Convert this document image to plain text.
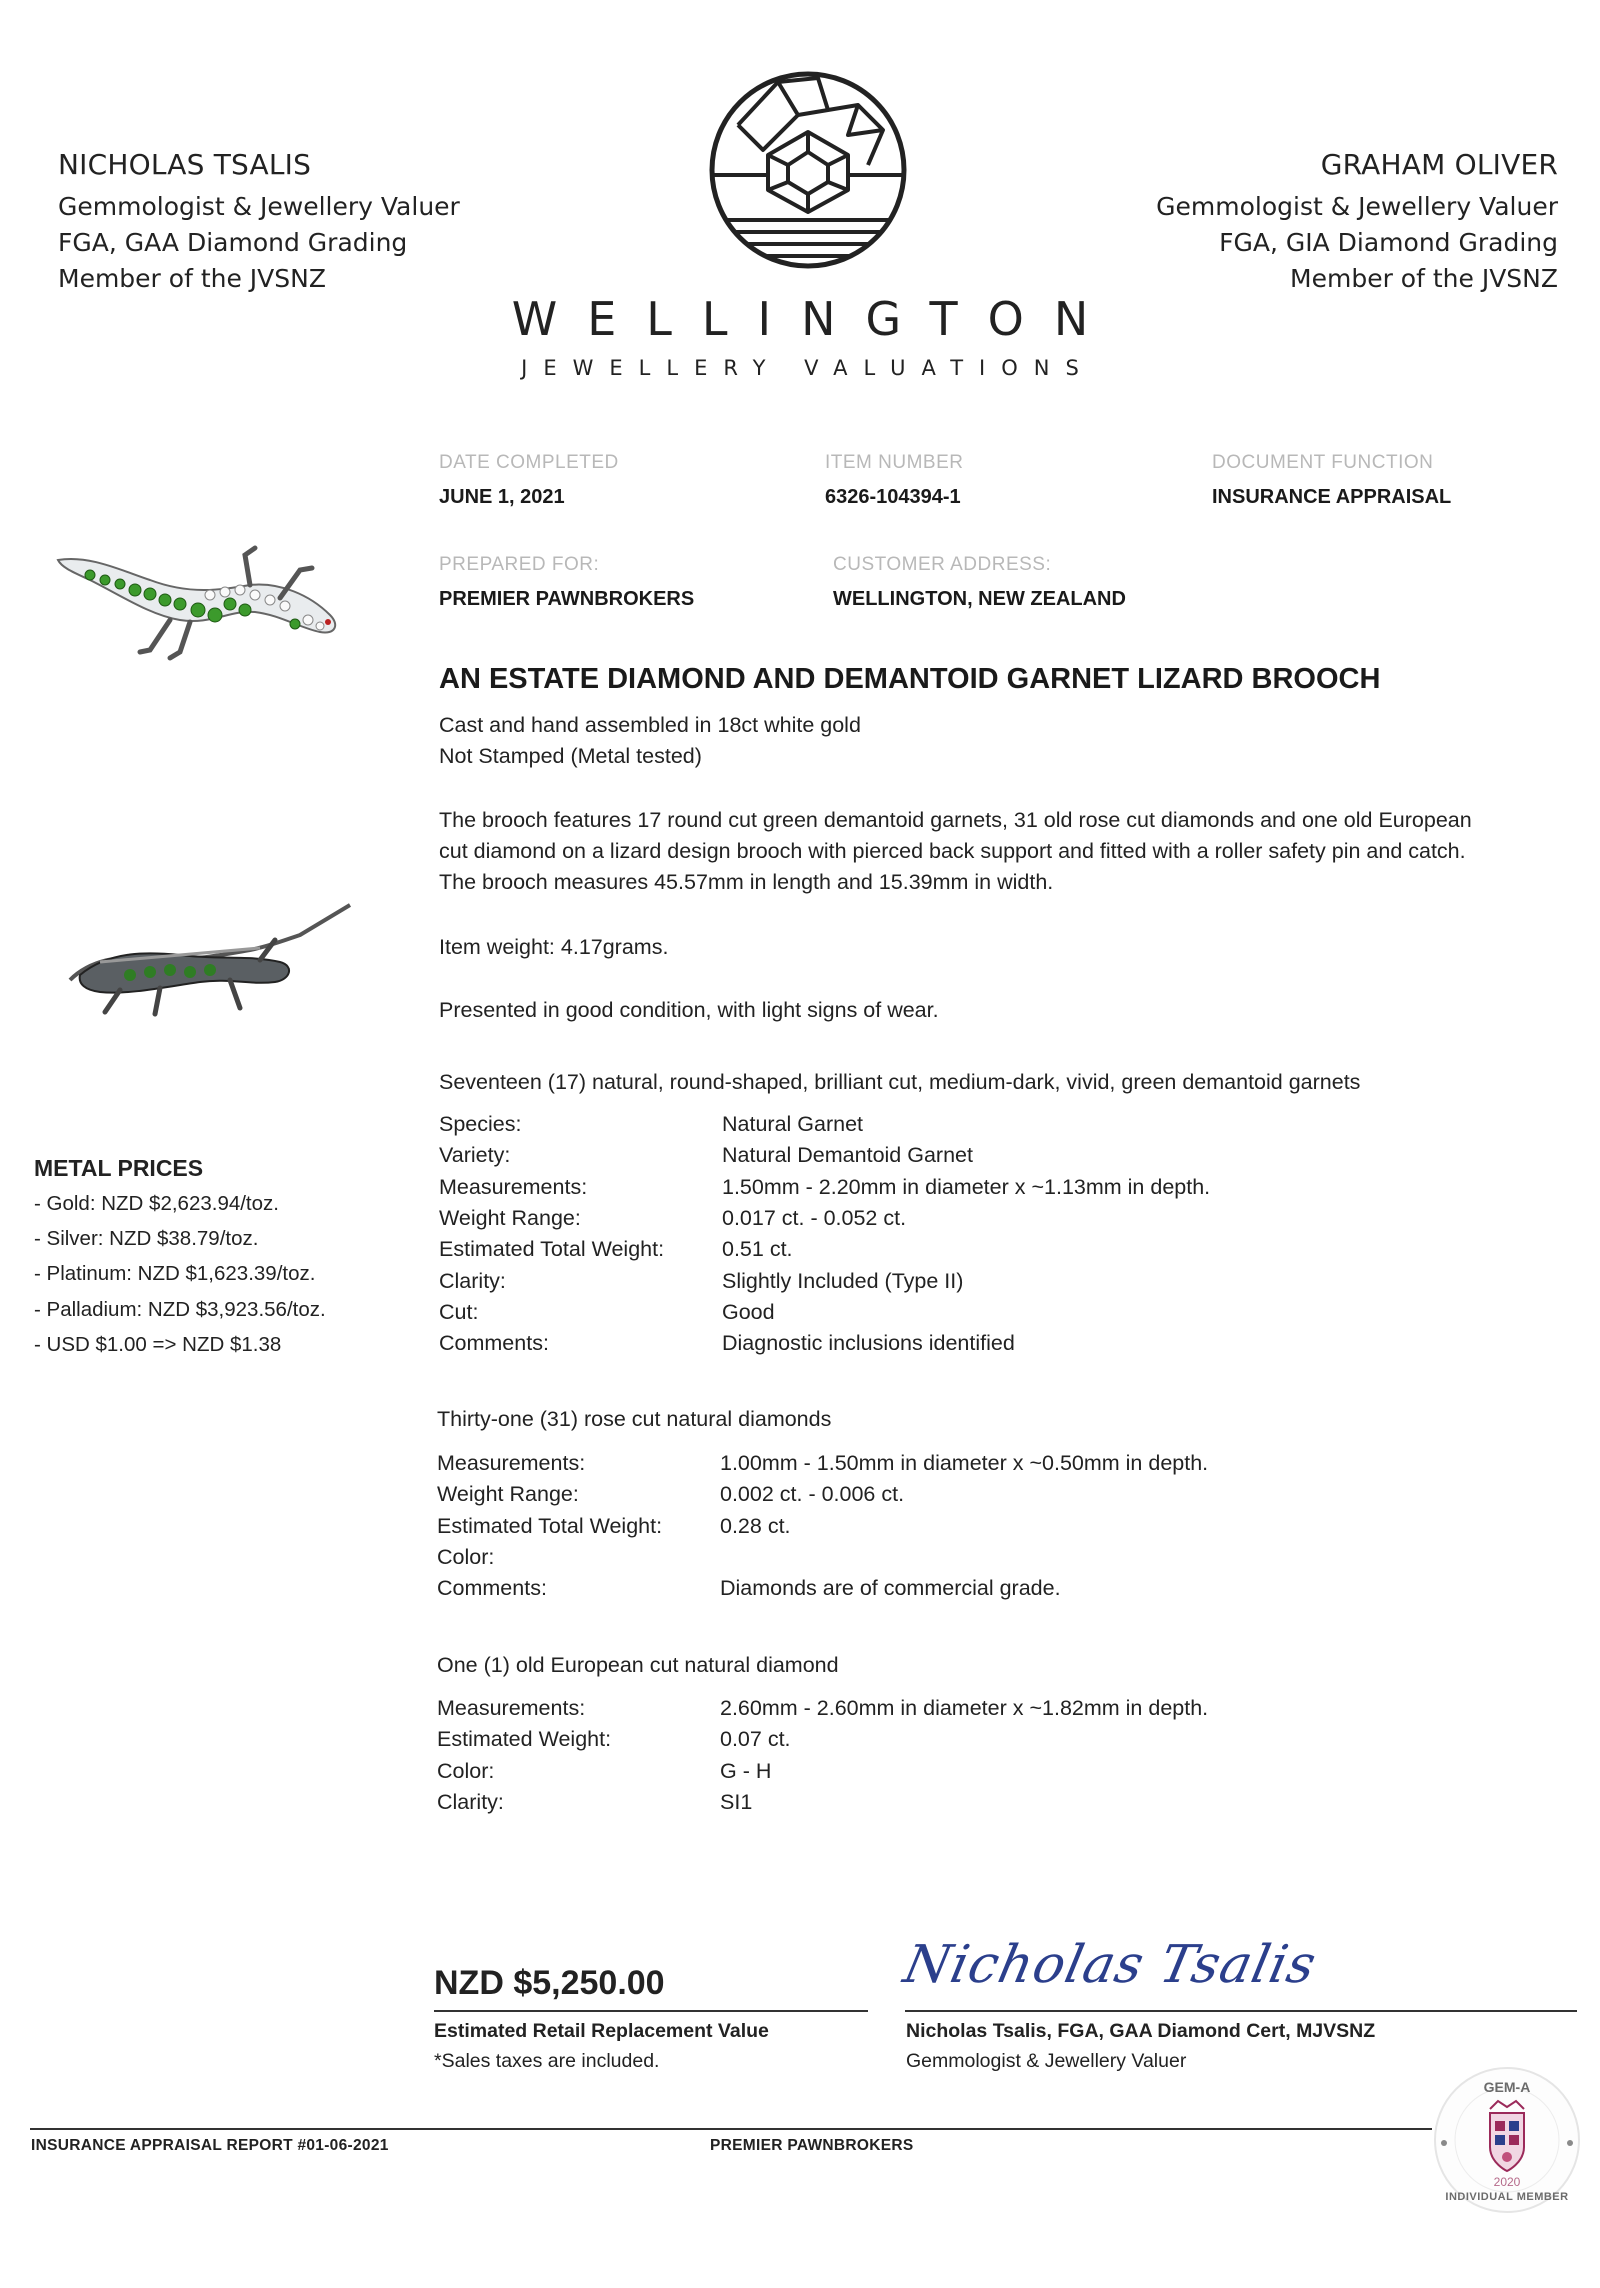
NICHOLAS TSALIS
Gemmologist & Jewellery Valuer
FGA, GAA Diamond Grading
Member of the JVSNZ
GRAHAM OLIVER
Gemmologist & Jewellery Valuer
FGA, GIA Diamond Grading
Member of the JVSNZ
WELLINGTON
JEWELLERY VALUATIONS
DATE COMPLETED
JUNE 1, 2021
ITEM NUMBER
6326-104394-1
DOCUMENT FUNCTION
INSURANCE APPRAISAL
PREPARED FOR:
PREMIER PAWNBROKERS
CUSTOMER ADDRESS:
WELLINGTON, NEW ZEALAND
AN ESTATE DIAMOND AND DEMANTOID GARNET LIZARD BROOCH
Cast and hand assembled in 18ct white gold
Not Stamped (Metal tested)
The brooch features 17 round cut green demantoid garnets, 31 old rose cut diamonds and one old European
cut diamond on a lizard design brooch with pierced back support and fitted with a roller safety pin and catch.
The brooch measures 45.57mm in length and 15.39mm in width.
Item weight: 4.17grams.
Presented in good condition, with light signs of wear.
Seventeen (17) natural, round-shaped, brilliant cut, medium-dark, vivid, green demantoid garnets
Species:	Natural Garnet
Variety:	Natural Demantoid Garnet
Measurements:	1.50mm - 2.20mm in diameter x ~1.13mm in depth.
Weight Range:	0.017 ct. - 0.052 ct.
Estimated Total Weight:	0.51 ct.
Clarity:	Slightly Included (Type II)
Cut:	Good
Comments:	Diagnostic inclusions identified
Thirty-one (31) rose cut natural diamonds
Measurements:	1.00mm - 1.50mm in diameter x ~0.50mm in depth.
Weight Range:	0.002 ct. - 0.006 ct.
Estimated Total Weight:	0.28 ct.
Color:
Comments:	Diamonds are of commercial grade.
One (1) old European cut natural diamond
Measurements:	2.60mm - 2.60mm in diameter x ~1.82mm in depth.
Estimated Weight:	0.07 ct.
Color:	G - H
Clarity:	SI1
METAL PRICES
- Gold: NZD $2,623.94/toz.
- Silver: NZD $38.79/toz.
- Platinum: NZD $1,623.39/toz.
- Palladium: NZD $3,923.56/toz.
- USD $1.00 => NZD $1.38
NZD $5,250.00
Estimated Retail Replacement Value
*Sales taxes are included.
Nicholas Tsalis
Nicholas Tsalis, FGA, GAA Diamond Cert, MJVSNZ
Gemmologist & Jewellery Valuer
INSURANCE APPRAISAL REPORT #01-06-2021	PREMIER PAWNBROKERS
GEM-A
2020
INDIVIDUAL MEMBER
